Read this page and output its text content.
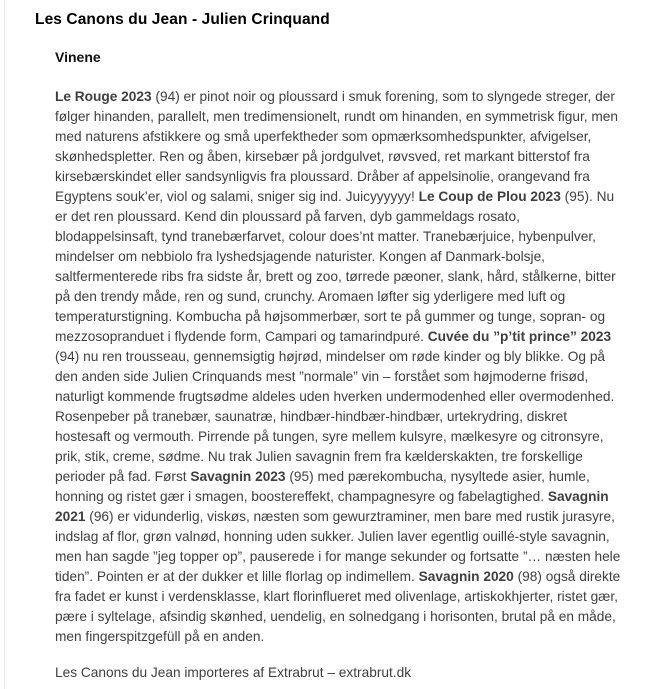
Les Canons du Jean - Julien Crinquand
Vinene

Le Rouge 2023 (94) er pinot noir og ploussard i smuk forening, som to slyngede streger, der følger hinanden, parallelt, men tredimensionelt, rundt om hinanden, en symmetrisk figur, men med naturens afstikkere og små uperfektheder som opmærksomhedspunkter, afvigelser, skønhedspletter. Ren og åben, kirsebær på jordgulvet, røvsved, ret markant bitterstof fra kirsebærskindet eller sandsynligvis fra ploussard. Dråber af appelsinolie, orangevand fra Egyptens souk’er, viol og salami, sniger sig ind. Juicyyyyyy! Le Coup de Plou 2023 (95). Nu er det ren ploussard. Kend din ploussard på farven, dyb gammeldags rosato, blodappelsinsaft, tynd tranebærfarvet, colour does’nt matter. Tranebærjuice, hybenpulver, mindelser om nebbiolo fra lyshedsjagende naturister. Kongen af Danmark-bolsje, saltfermenterede ribs fra sidste år, brett og zoo, tørrede pæoner, slank, hård, stålkerne, bitter på den trendy måde, ren og sund, crunchy. Aromaen løfter sig yderligere med luft og temperaturstigning. Kombucha på højsommerbær, sort te på gummer og tunge, sopran- og mezzosopranduet i flydende form, Campari og tamarindpuré. Cuvée du ”p’tit prince” 2023 (94) nu ren trousseau, gennemsigtig højrød, mindelser om røde kinder og bly blikke. Og på den anden side Julien Crinquands mest ”normale” vin – forstået som højmoderne frisød, naturligt kommende frugtsødme aldeles uden hverken undermodenhed eller overmodenhed. Rosenpeber på tranebær, saunatræ, hindbær-hindbær-hindbær, urtekrydring, diskret hostesaft og vermouth. Pirrende på tungen, syre mellem kulsyre, mælkesyre og citronsyre, prik, stik, creme, sødme. Nu trak Julien savagnin frem fra kælderskakten, tre forskellige perioder på fad. Først Savagnin 2023 (95) med pærekombucha, nysyltede asier, humle, honning og ristet gær i smagen, boostereffekt, champagnesyre og fabelagtighed. Savagnin 2021 (96) er vidunderlig, viskøs, næsten som gewurztraminer, men bare med rustik jurasyre, indslag af flor, grøn valnød, honning uden sukker. Julien laver egentlig ouillé-style savagnin, men han sagde ”jeg topper op”, pauserede i for mange sekunder og fortsatte ”… næsten hele tiden”. Pointen er at der dukker et lille florlag op indimellem. Savagnin 2020 (98) også direkte fra fadet er kunst i verdensklasse, klart florinflueret med olivenlage, artiskokhjerter, ristet gær, pære i syltelage, afsindig skønhed, uendelig, en solnedgang i horisonten, brutal på en måde, men fingerspitzgefüll på en anden.

Les Canons du Jean importeres af Extrabrut – extrabrut.dk
